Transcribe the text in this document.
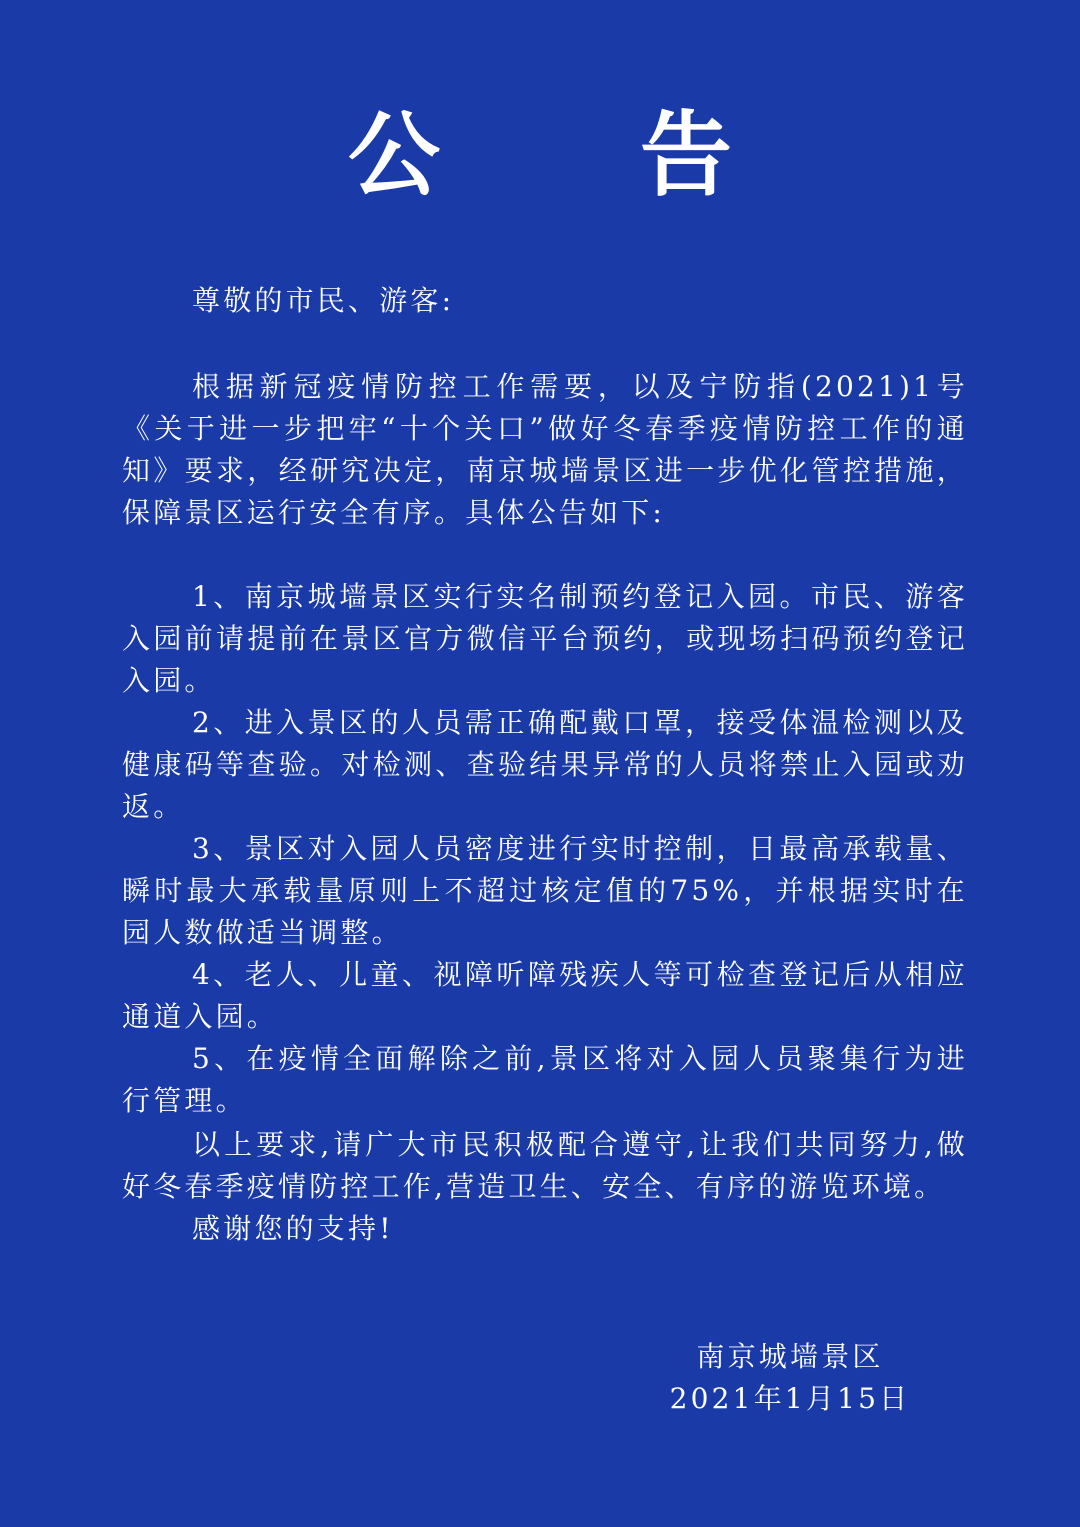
公 告

尊敬的市民、游客:

根据新冠疫情防控工作需要，以及宁防指(2021)1号《关于进一步把牢“十个关口”做好冬春季疫情防控工作的通知》要求，经研究决定，南京城墙景区进一步优化管控措施，保障景区运行安全有序。具体公告如下:

1、南京城墙景区实行实名制预约登记入园。市民、游客入园前请提前在景区官方微信平台预约，或现场扫码预约登记入园。

2、进入景区的人员需正确配戴口罩，接受体温检测以及健康码等查验。对检测、查验结果异常的人员将禁止入园或劝返。

3、景区对入园人员密度进行实时控制，日最高承载量、瞬时最大承载量原则上不超过核定值的75%，并根据实时在园人数做适当调整。

4、老人、儿童、视障听障残疾人等可检查登记后从相应通道入园。

5、在疫情全面解除之前,景区将对入园人员聚集行为进行管理。

以上要求,请广大市民积极配合遵守,让我们共同努力,做好冬春季疫情防控工作,营造卫生、安全、有序的游览环境。

感谢您的支持!

南京城墙景区
2021年1月15日
